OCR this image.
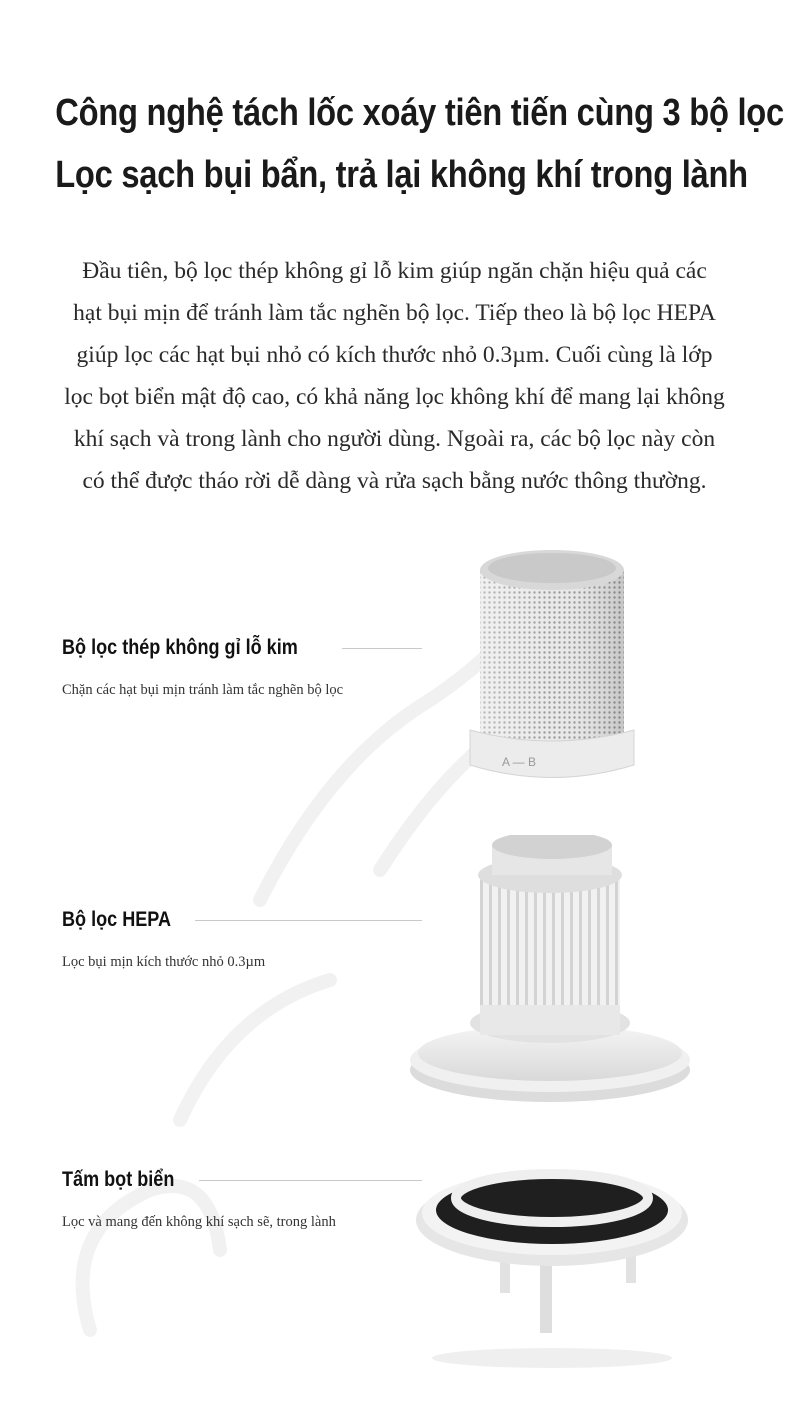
Công nghệ tách lốc xoáy tiên tiến cùng 3 bộ lọc
Lọc sạch bụi bẩn, trả lại không khí trong lành
Đầu tiên, bộ lọc thép không gỉ lỗ kim giúp ngăn chặn hiệu quả các
hạt bụi mịn để tránh làm tắc nghẽn bộ lọc. Tiếp theo là bộ lọc HEPA
giúp lọc các hạt bụi nhỏ có kích thước nhỏ 0.3µm. Cuối cùng là lớp
lọc bọt biển mật độ cao, có khả năng lọc không khí để mang lại không
khí sạch và trong lành cho người dùng. Ngoài ra, các bộ lọc này còn
có thể được tháo rời dễ dàng và rửa sạch bằng nước thông thường.
Bộ lọc thép không gỉ lỗ kim
Chặn các hạt bụi mịn tránh làm tắc nghẽn bộ lọc
A — B
Bộ lọc HEPA
Lọc bụi mịn kích thước nhỏ 0.3µm
Tấm bọt biển
Lọc và mang đến không khí sạch sẽ, trong lành
